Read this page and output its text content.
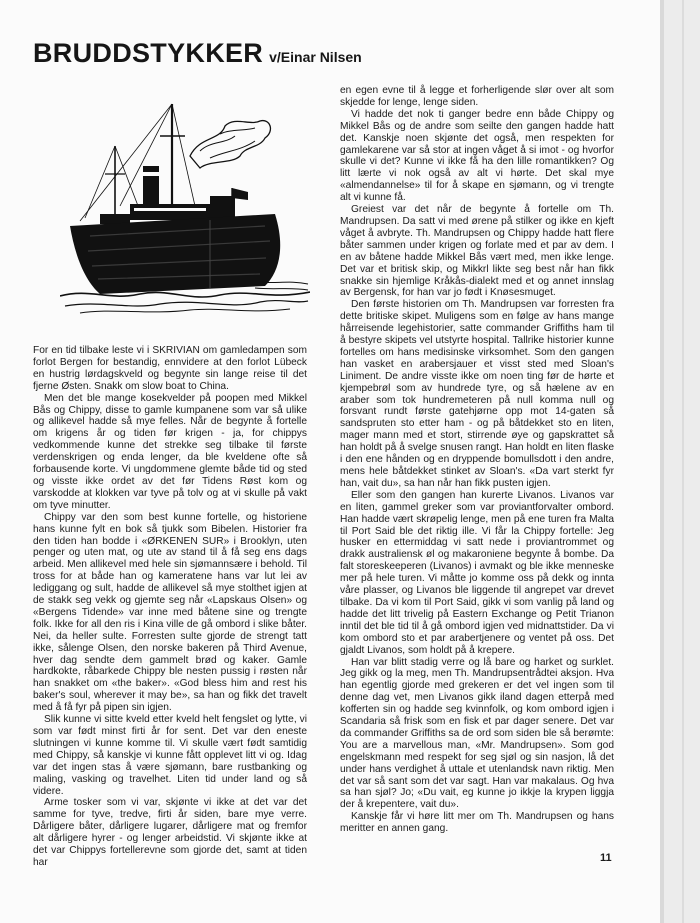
BRUDDSTYKKER v/Einar Nilsen

For en tid tilbake leste vi i SKRIVIAN om gamledampen som forlot Bergen for bestandig, ennvidere at den forlot Lübeck en hustrig lørdagskveld og begynte sin lange reise til det fjerne Østen. Snakk om slow boat to China.

Men det ble mange kosekvelder på poopen med Mikkel Bås og Chippy, disse to gamle kumpanene som var så ulike og allikevel hadde så mye felles. Når de begynte å fortelle om krigens år og tiden før krigen - ja, for chippys vedkommende kunne det strekke seg tilbake til første verdenskrigen og enda lenger, da ble kveldene ofte så forbausende korte. Vi ungdommene glemte både tid og sted og visste ikke ordet av det før Tidens Røst kom og varskodde at klokken var tyve på tolv og at vi skulle på vakt om tyve minutter.

Chippy var den som best kunne fortelle, og historiene hans kunne fylt en bok så tjukk som Bibelen. Historier fra den tiden han bodde i «ØRKENEN SUR» i Brooklyn, uten penger og uten mat, og ute av stand til å få seg ens dags arbeid. Men allikevel med hele sin sjømannsære i behold. Til tross for at både han og kameratene hans var lut lei av lediggang og sult, hadde de allikevel så mye stolthet igjen at de stakk seg vekk og gjemte seg når «Lapskaus Olsen» og «Bergens Tidende» var inne med båtene sine og trengte folk. Ikke for all den ris i Kina ville de gå ombord i slike båter. Nei, da heller sulte. Forresten sulte gjorde de strengt tatt ikke, sålenge Olsen, den norske bakeren på Third Avenue, hver dag sendte dem gammelt brød og kaker. Gamle hardkokte, råbarkede Chippy ble nesten pussig i røsten når han snakket om «the baker». «God bless him and rest his baker's soul, wherever it may be», sa han og fikk det travelt med å få fyr på pipen sin igjen.

Slik kunne vi sitte kveld etter kveld helt fengslet og lytte, vi som var født minst firti år for sent. Det var den eneste slutningen vi kunne komme til. Vi skulle vært født samtidig med Chippy, så kanskje vi kunne fått opplevet litt vi og. Idag var det ingen stas å være sjømann, bare rustbanking og maling, vasking og travelhet. Liten tid under land og så videre.

Arme tosker som vi var, skjønte vi ikke at det var det samme for tyve, tredve, firti år siden, bare mye verre. Dårligere båter, dårligere lugarer, dårligere mat og fremfor alt dårligere hyrer - og lenger arbeidstid. Vi skjønte ikke at det var Chippys fortellerevne som gjorde det, samt at tiden har

en egen evne til å legge et forherligende slør over alt som skjedde for lenge, lenge siden.

Vi hadde det nok ti ganger bedre enn både Chippy og Mikkel Bås og de andre som seilte den gangen hadde hatt det. Kanskje noen skjønte det også, men respekten for gamlekarene var så stor at ingen våget å si imot - og hvorfor skulle vi det? Kunne vi ikke få ha den lille romantikken? Og litt lærte vi nok også av alt vi hørte. Det skal mye «almendannelse» til for å skape en sjømann, og vi trengte alt vi kunne få.

Greiest var det når de begynte å fortelle om Th. Mandrupsen. Da satt vi med ørene på stilker og ikke en kjeft våget å avbryte. Th. Mandrupsen og Chippy hadde hatt flere båter sammen under krigen og forlate med et par av dem. I en av båtene hadde Mikkel Bås vært med, men ikke lenge. Det var et britisk skip, og Mikkrl likte seg best når han fikk snakke sin hjemlige Kråkås-dialekt med et og annet innslag av Bergensk, for han var jo født i Knøsesmuget.

Den første historien om Th. Mandrupsen var forresten fra dette britiske skipet. Muligens som en følge av hans mange hårreisende legehistorier, satte commander Griffiths ham til å bestyre skipets vel utstyrte hospital. Tallrike historier kunne fortelles om hans medisinske virksomhet. Som den gangen han vasket en arabersjauer et visst sted med Sloan's Liniment. De andre visste ikke om noen ting før de hørte et kjempebrøl som av hundrede tyre, og så hælene av en araber som tok hundremeteren på null komma null og forsvant rundt første gatehjørne opp mot 14-gaten så sandspruten sto etter ham - og på båtdekket sto en liten, mager mann med et stort, stirrende øye og gapskrattet så han holdt på å svelge snusen rangt. Han holdt en liten flaske i den ene hånden og en dryppende bomullsdott i den andre, mens hele båtdekket stinket av Sloan's. «Da vart sterkt fyr han, vait du», sa han når han fikk pusten igjen.

Eller som den gangen han kurerte Livanos. Livanos var en liten, gammel greker som var proviantforvalter ombord. Han hadde vært skrøpelig lenge, men på ene turen fra Malta til Port Said ble det riktig ille. Vi får la Chippy fortelle: Jeg husker en ettermiddag vi satt nede i proviantrommet og drakk australiensk øl og makaroniene begynte å bombe. Da falt storeskeeperen (Livanos) i avmakt og ble ikke menneske mer på hele turen. Vi måtte jo komme oss på dekk og innta våre plasser, og Livanos ble liggende til angrepet var drevet tilbake. Da vi kom til Port Said, gikk vi som vanlig på land og hadde det litt trivelig på Eastern Exchange og Petit Trianon inntil det ble tid til å gå ombord igjen ved midnattstider. Da vi kom ombord sto et par arabertjenere og ventet på oss. Det gjaldt Livanos, som holdt på å krepere.

Han var blitt stadig verre og lå bare og harket og surklet. Jeg gikk og la meg, men Th. Mandrupsentrådtei aksjon. Hva han egentlig gjorde med grekeren er det vel ingen som til denne dag vet, men Livanos gikk iland dagen etterpå med kofferten sin og hadde seg kvinnfolk, og kom ombord igjen i Scandaria så frisk som en fisk et par dager senere. Det var da commander Griffiths sa de ord som siden ble så berømte: You are a marvellous man, «Mr. Mandrupsen». Som god engelskmann med respekt for seg sjøl og sin nasjon, lå det under hans verdighet å uttale et utenlandsk navn riktig. Men det var så sant som det var sagt. Han var makalaus. Og hva sa han sjøl? Jo; «Du vait, eg kunne jo ikkje la krypen liggja der å krepentere, vait du».

Kanskje får vi høre litt mer om Th. Mandrupsen og hans meritter en annen gang.

11
